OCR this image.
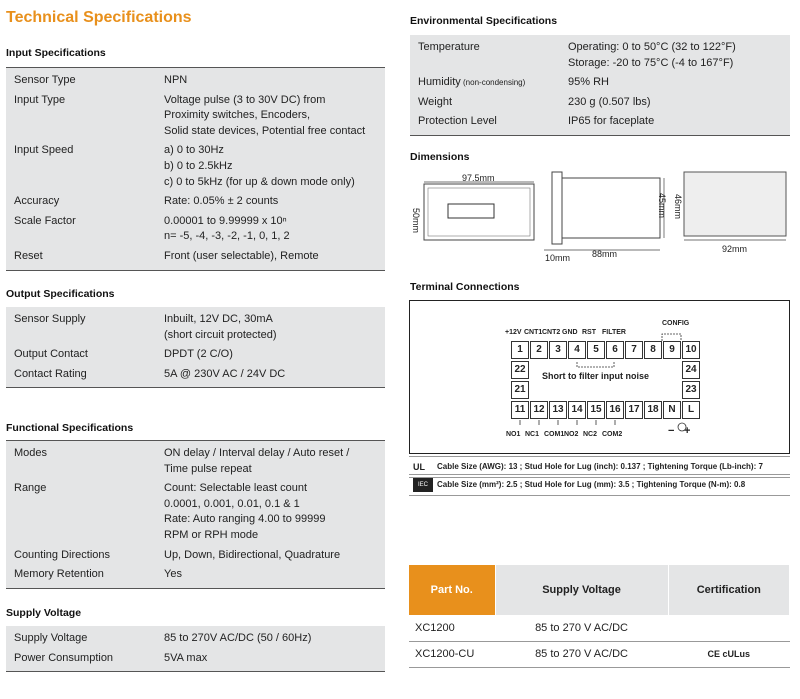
Technical Specifications
Input Specifications
Sensor Type	NPN

Input Type	Voltage pulse (3 to 30V DC) from
Proximity switches, Encoders,
Solid state devices, Potential free contact

Input Speed	a) 0 to 30Hz
b) 0 to 2.5kHz
c) 0 to 5kHz (for up & down mode only)

Accuracy	Rate: 0.05% ± 2 counts

Scale Factor	0.00001 to 9.99999 x 10ⁿ
n= -5, -4, -3, -2, -1, 0, 1, 2

Reset	Front (user selectable), Remote
Output Specifications
Sensor Supply	Inbuilt, 12V DC, 30mA
(short circuit protected)

Output Contact	DPDT (2 C/O)

Contact Rating	5A @ 230V AC / 24V DC
Functional Specifications
Modes	ON delay / Interval delay / Auto reset /
Time pulse repeat

Range	Count: Selectable least count
0.0001, 0.001, 0.01, 0.1 & 1
Rate: Auto ranging 4.00 to 99999
RPM or RPH mode

Counting Directions	Up, Down, Bidirectional, Quadrature

Memory Retention	Yes
Supply Voltage
Supply Voltage	85 to 270V AC/DC (50 / 60Hz)

Power Consumption	5VA max
Environmental Specifications
Temperature	Operating: 0 to 50°C (32 to 122°F)
Storage: -20 to 75°C (-4 to 167°F)

Humidity (non-condensing)	95% RH

Weight	230 g (0.507 lbs)

Protection Level	IP65 for faceplate
Dimensions
97.5mm
50mm
10mm 88mm
45mm
92mm
46mm
Terminal Connections
1	2	3	4	5	6	7	8	9	10
11 12 13 14 15 16 17 18 N	L
22
21
24
23
+12V CNT1 CNT2 GND RST FILTER
CONFIG
Short to filter input noise
NO1 NC1 COM1 NO2 NC2 COM2	− +
UL Cable Size (AWG): 13 ; Stud Hole for Lug (inch): 0.137 ; Tightening Torque (Lb-inch): 7
IEC	Cable Size (mm²): 2.5 ; Stud Hole for Lug (mm): 3.5 ; Tightening Torque (N-m): 0.8
Part No.	Supply Voltage	Certification
XC1200	85 to 270 V AC/DC	
XC1200-CU	85 to 270 V AC/DC	CE cULus
